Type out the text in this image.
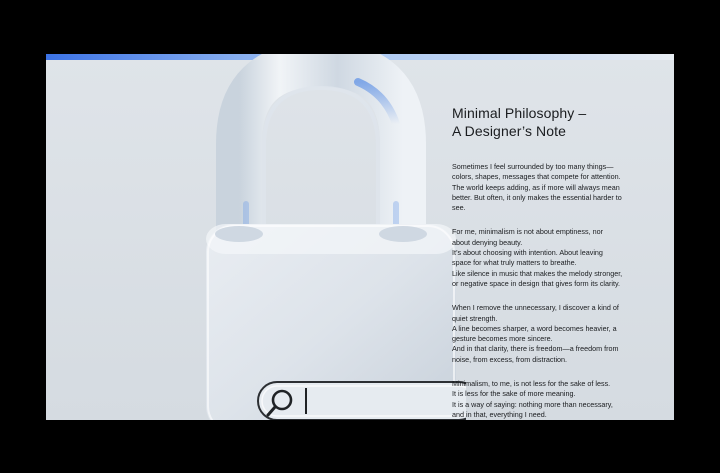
Minimal Philosophy –
A Designer’s Note

Sometimes I feel surrounded by too many things—
colors, shapes, messages that compete for attention.
The world keeps adding, as if more will always mean
better. But often, it only makes the essential harder to
see.

For me, minimalism is not about emptiness, nor
about denying beauty.
It’s about choosing with intention. About leaving
space for what truly matters to breathe.
Like silence in music that makes the melody stronger,
or negative space in design that gives form its clarity.

When I remove the unnecessary, I discover a kind of
quiet strength.
A line becomes sharper, a word becomes heavier, a
gesture becomes more sincere.
And in that clarity, there is freedom—a freedom from
noise, from excess, from distraction.

Minimalism, to me, is not less for the sake of less.
It is less for the sake of more meaning.
It is a way of saying: nothing more than necessary,
and in that, everything I need.
